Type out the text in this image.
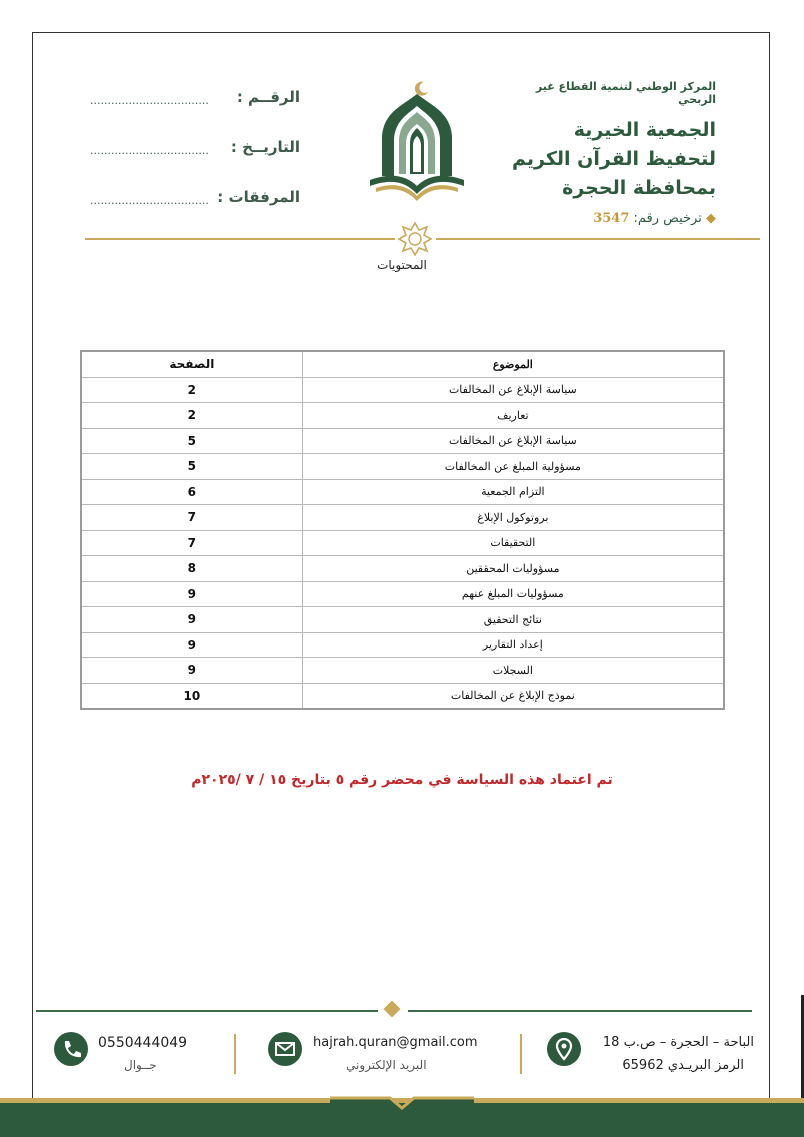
الرقــم :
..................................
التاريــخ :
..................................
المرفقات :
..................................
المركز الوطني لتنمية القطاع غير الربحي
الجمعية الخيرية
لتحفيظ القرآن الكريم
بمحافظة الحجرة
◆ ترخيص رقم: 3547
المحتويات
الموضوع	الصفحة
سياسة الإبلاغ عن المخالفات	2
تعاريف	2
سياسة الإبلاغ عن المخالفات	5
مسؤولية المبلغ عن المخالفات	5
التزام الجمعية	6
بروتوكول الإبلاغ	7
التحقيقات	7
مسؤوليات المحققين	8
مسؤوليات المبلغ عنهم	9
نتائج التحقيق	9
إعداد التقارير	9
السجلات	9
نموذج الإبلاغ عن المخالفات	10
تم اعتماد هذه السياسة في محضر رقم ٥ بتاريخ ١٥ / ٧ /٢٠٢٥م
0550444049
جــوال
hajrah.quran@gmail.com
البريد الإلكتروني
الباحة – الحجرة – ص.ب 18
الرمز البريـدي 65962
